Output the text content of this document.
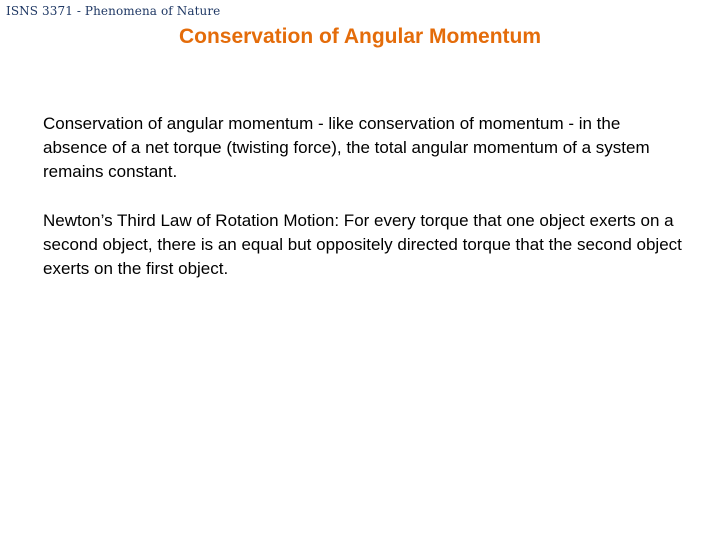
ISNS 3371 - Phenomena of Nature
Conservation of Angular Momentum

Conservation of angular momentum - like conservation of momentum - in the absence of a net torque (twisting force), the total angular momentum of a system remains constant.

Newton’s Third Law of Rotation Motion: For every torque that one object exerts on a second object, there is an equal but oppositely directed torque that the second object exerts on the first object.
